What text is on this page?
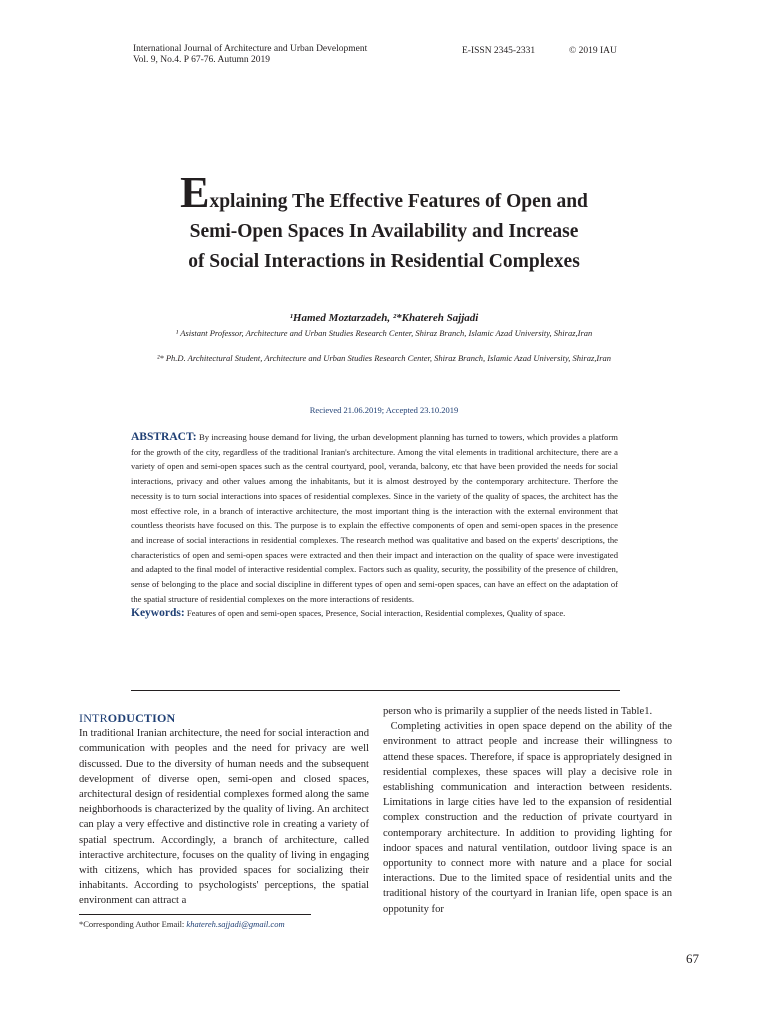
International Journal of Architecture and Urban Development
Vol. 9, No.4. P 67-76. Autumn 2019
E-ISSN 2345-2331	© 2019 IAU
Explaining The Effective Features of Open and
Semi-Open Spaces In Availability and Increase
of Social Interactions in Residential Complexes
¹Hamed Moztarzadeh, ²*Khatereh Sajjadi
¹ Asistant Professor, Architecture and Urban Studies Research Center, Shiraz Branch, Islamic Azad University, Shiraz,Iran
²* Ph.D. Architectural Student, Architecture and Urban Studies Research Center, Shiraz Branch, Islamic Azad University, Shiraz,Iran
Recieved 21.06.2019; Accepted 23.10.2019
ABSTRACT: By increasing house demand for living, the urban development planning has turned to towers, which provides a platform for the growth of the city, regardless of the traditional Iranian's architecture. Among the vital elements in traditional architecture, there are a variety of open and semi-open spaces such as the central courtyard, pool, veranda, balcony, etc that have been provided the needs for social interactions, privacy and other values among the inhabitants, but it is almost destroyed by the contemporary architecture. Therfore the necessity is to turn social interactions into spaces of residential complexes. Since in the variety of the quality of spaces, the architect has the most effective role, in a branch of interactive architecture, the most important thing is the interaction with the external environment that countless theorists have focused on this. The purpose is to explain the effective components of open and semi-open spaces in the presence and increase of social interactions in residential complexes. The research method was qualitative and based on the experts' descriptions, the characteristics of open and semi-open spaces were extracted and then their impact and interaction on the quality of space were investigated and adapted to the final model of interactive residential complex. Factors such as quality, security, the possibility of the presence of children, sense of belonging to the place and social discipline in different types of open and semi-open spaces, can have an effect on the adaptation of the spatial structure of residential complexes on the more interactions of residents.
Keywords: Features of open and semi-open spaces, Presence, Social interaction, Residential complexes, Quality of space.
INTRODUCTION
In traditional Iranian architecture, the need for social interaction and communication with peoples and the need for privacy are well discussed. Due to the diversity of human needs and the subsequent development of diverse open, semi-open and closed spaces, architectural design of residential complexes formed along the same neighborhoods is characterized by the quality of living. An architect can play a very effective and distinctive role in creating a variety of spatial spectrum. Accordingly, a branch of architecture, called interactive architecture, focuses on the quality of living in engaging with citizens, which has provided spaces for socializing their inhabitants. According to psychologists' perceptions, the spatial environment can attract a
person who is primarily a supplier of the needs listed in Table1.
Completing activities in open space depend on the ability of the environment to attract people and increase their willingness to attend these spaces. Therefore, if space is appropriately designed in residential complexes, these spaces will play a decisive role in establishing communication and interaction between residents. Limitations in large cities have led to the expansion of residential complex construction and the reduction of private courtyard in contemporary architecture. In addition to providing lighting for indoor spaces and natural ventilation, outdoor living space is an opportunity to connect more with nature and a place for social interactions. Due to the limited space of residential units and the traditional history of the courtyard in Iranian life, open space is an oppotunity for
*Corresponding Author Email: khatereh.sajjadi@gmail.com
67
